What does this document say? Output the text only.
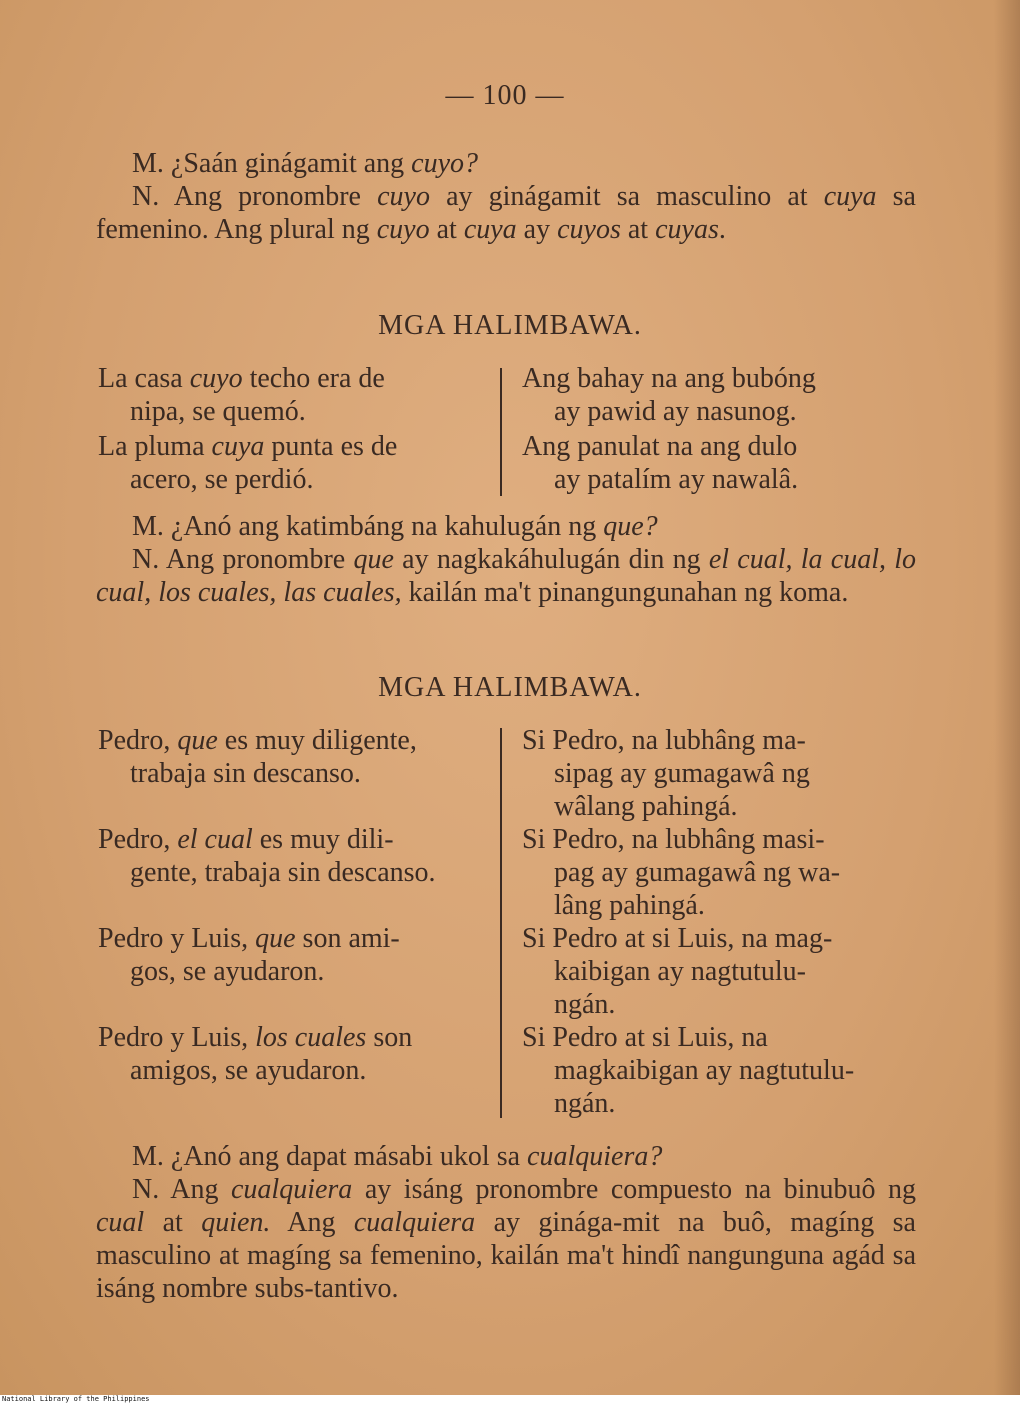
— 100 —
M. ¿Saán ginágamit ang cuyo?
N. Ang pronombre cuyo ay ginágamit sa masculino at cuya sa femenino. Ang plural ng cuyo at cuya ay cuyos at cuyas.
MGA HALIMBAWA.
La casa cuyo techo era de
nipa, se quemó.
La pluma cuya punta es de
acero, se perdió.
Ang bahay na ang bubóng
ay pawid ay nasunog.
Ang panulat na ang dulo
ay patalím ay nawalâ.
M. ¿Anó ang katimbáng na kahulugán ng que?
N. Ang pronombre que ay nagkakáhulugán din ng el cual, la cual, lo cual, los cuales, las cuales, kailán ma't pinangungunahan ng koma.
MGA HALIMBAWA.
Pedro, que es muy diligente,
trabaja sin descanso.
Pedro, el cual es muy dili-
gente, trabaja sin descanso.
Pedro y Luis, que son ami-
gos, se ayudaron.
Pedro y Luis, los cuales son
amigos, se ayudaron.
Si Pedro, na lubhâng ma-
sipag ay gumagawâ ng
wâlang pahingá.
Si Pedro, na lubhâng masi-
pag ay gumagawâ ng wa-
lâng pahingá.
Si Pedro at si Luis, na mag-
kaibigan ay nagtutulu-
ngán.
Si Pedro at si Luis, na
magkaibigan ay nagtutulu-
ngán.
M. ¿Anó ang dapat másabi ukol sa cualquiera?
N. Ang cualquiera ay isáng pronombre compuesto na binubuô ng cual at quien. Ang cualquiera ay ginága-mit na buô, magíng sa masculino at magíng sa femenino, kailán ma't hindî nangunguna agád sa isáng nombre subs-tantivo.
National Library of the Philippines
